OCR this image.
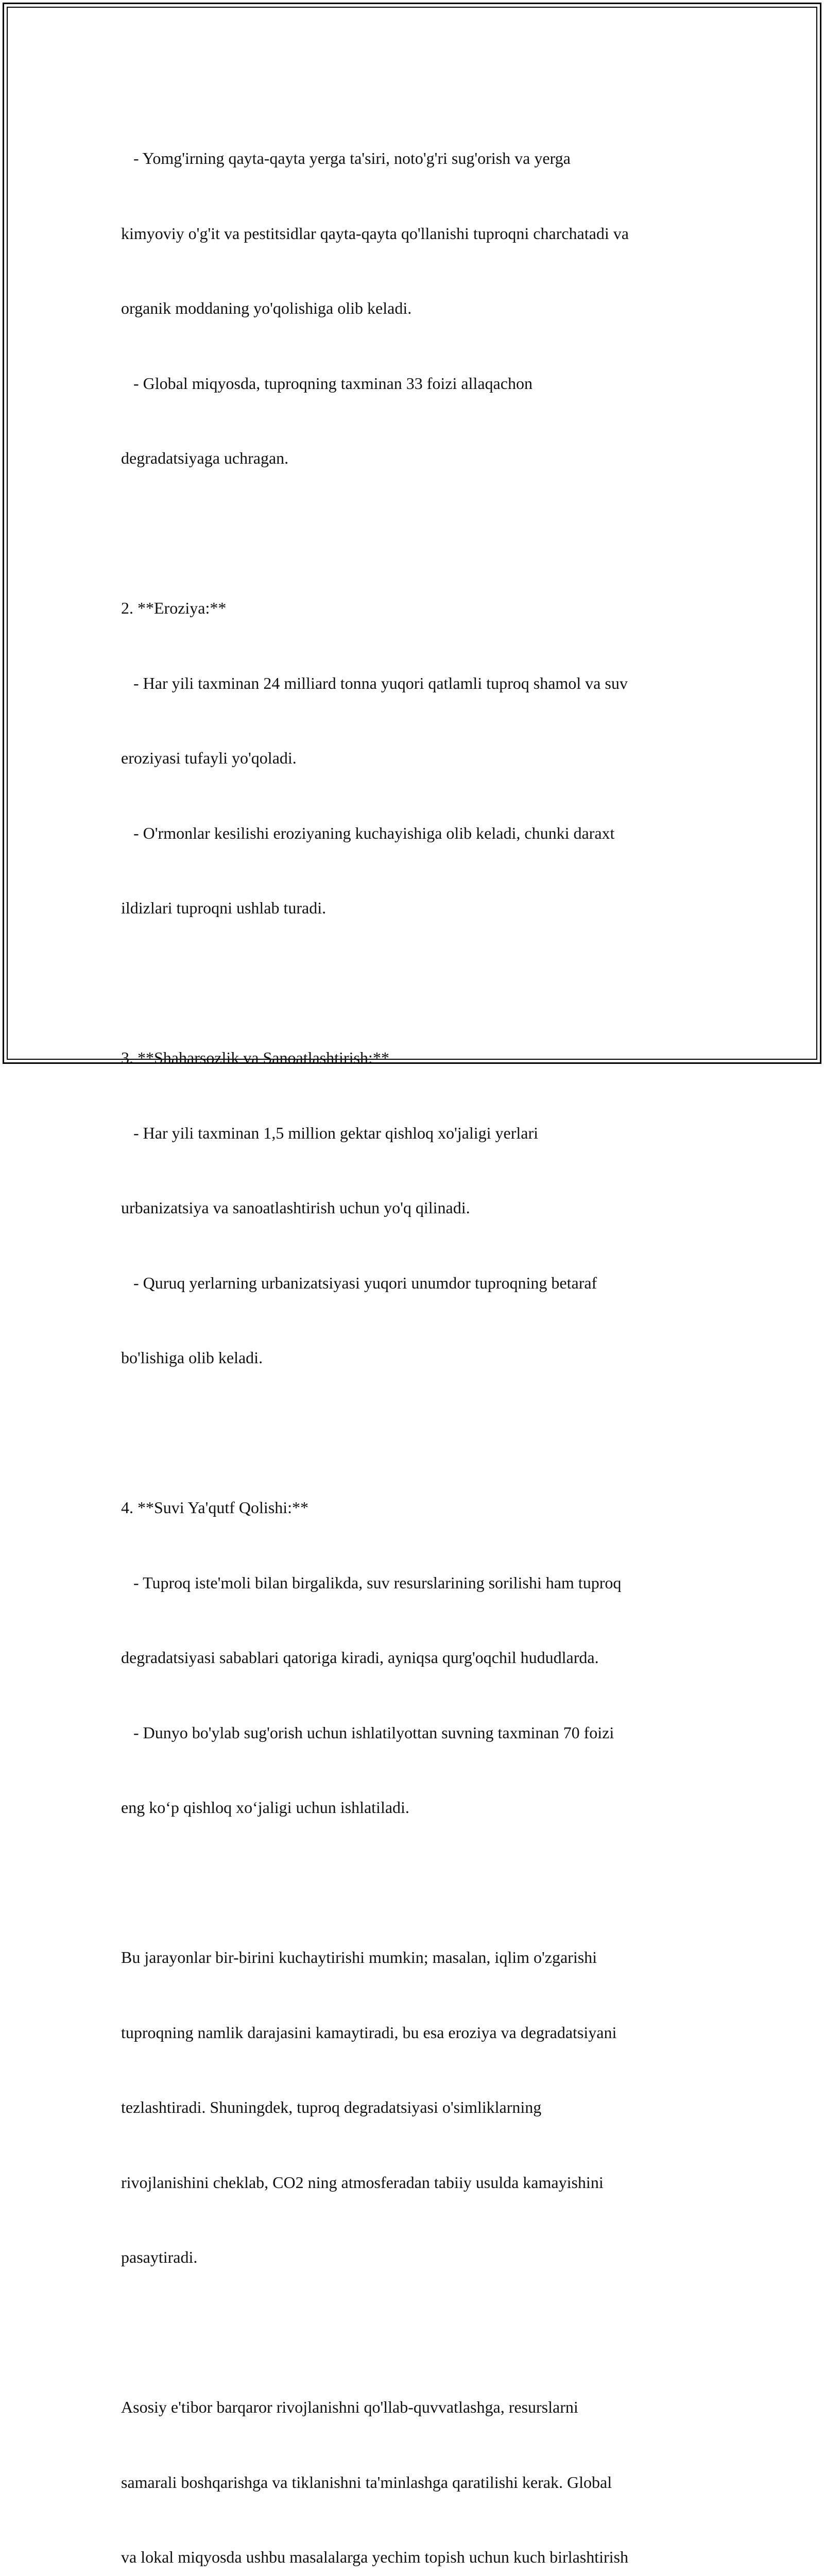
- Yomg'irning qayta-qayta yerga ta'siri, noto'g'ri sug'orish va yerga

kimyoviy o'g'it va pestitsidlar qayta-qayta qo'llanishi tuproqni charchatadi va

organik moddaning yo'qolishiga olib keladi.

- Global miqyosda, tuproqning taxminan 33 foizi allaqachon

degradatsiyaga uchragan.

2. **Eroziya:**

- Har yili taxminan 24 milliard tonna yuqori qatlamli tuproq shamol va suv

eroziyasi tufayli yo'qoladi.

- O'rmonlar kesilishi eroziyaning kuchayishiga olib keladi, chunki daraxt

ildizlari tuproqni ushlab turadi.

3. **Shaharsozlik va Sanoatlashtirish:**

- Har yili taxminan 1,5 million gektar qishloq xo'jaligi yerlari

urbanizatsiya va sanoatlashtirish uchun yo'q qilinadi.

- Quruq yerlarning urbanizatsiyasi yuqori unumdor tuproqning betaraf

bo'lishiga olib keladi.

4. **Suvi Ya'qutf Qolishi:**

- Tuproq iste'moli bilan birgalikda, suv resurslarining sorilishi ham tuproq

degradatsiyasi sabablari qatoriga kiradi, ayniqsa qurg'oqchil hududlarda.

- Dunyo bo'ylab sug'orish uchun ishlatilyottan suvning taxminan 70 foizi

eng ko‘p qishloq xo‘jaligi uchun ishlatiladi.

Bu jarayonlar bir-birini kuchaytirishi mumkin; masalan, iqlim o'zgarishi

tuproqning namlik darajasini kamaytiradi, bu esa eroziya va degradatsiyani

tezlashtiradi. Shuningdek, tuproq degradatsiyasi o'simliklarning

rivojlanishini cheklab, CO2 ning atmosferadan tabiiy usulda kamayishini

pasaytiradi.

Asosiy e'tibor barqaror rivojlanishni qo'llab-quvvatlashga, resurslarni

samarali boshqarishga va tiklanishni ta'minlashga qaratilishi kerak. Global

va lokal miqyosda ushbu masalalarga yechim topish uchun kuch birlashtirish
